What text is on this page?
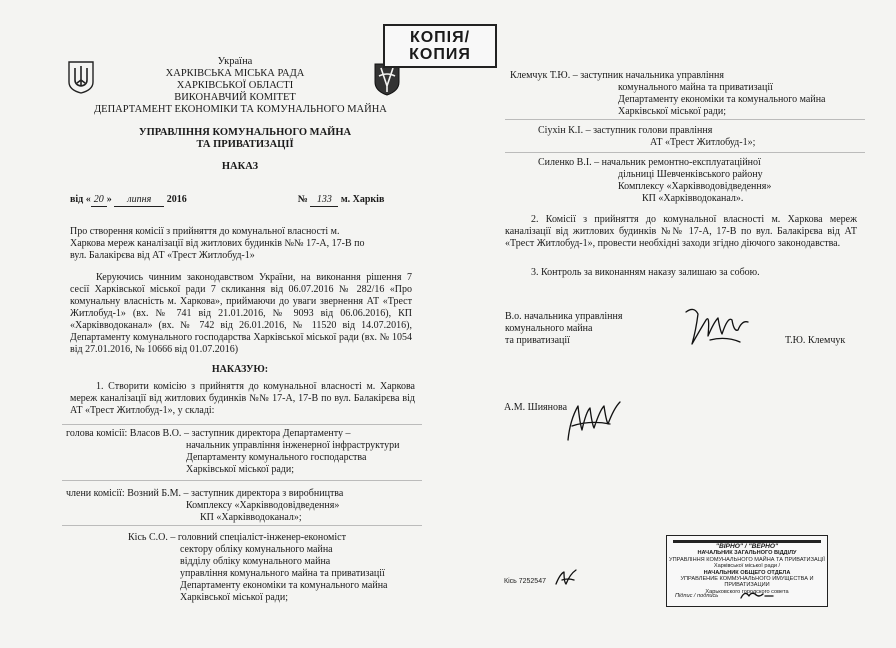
КОПІЯ/
КОПИЯ
Україна
ХАРКІВСЬКА МІСЬКА РАДА
ХАРКІВСЬКОЇ ОБЛАСТІ
ВИКОНАВЧИЙ КОМІТЕТ
ДЕПАРТАМЕНТ ЕКОНОМІКИ ТА КОМУНАЛЬНОГО МАЙНА
УПРАВЛІННЯ КОМУНАЛЬНОГО МАЙНА
ТА ПРИВАТИЗАЦІЇ
НАКАЗ
від « 20 » липня 2016	№ 133 м. Харків
Про створення комісії з прийняття до комунальної власності м. Харкова мереж каналізації від житлових будинків №№ 17-А, 17-В по вул. Балакірєва від АТ «Трест Житлобуд-1»
Керуючись чинним законодавством України, на виконання рішення 7 сесії Харківської міської ради 7 скликання від 06.07.2016 № 282/16 «Про комунальну власність м. Харкова», приймаючи до уваги звернення АТ «Трест Житлобуд-1» (вх. № 741 від 21.01.2016, № 9093 від 06.06.2016), КП «Харківводоканал» (вх. № 742 від 26.01.2016, № 11520 від 14.07.2016), Департаменту комунального господарства Харківської міської ради (вх. № 1054 від 27.01.2016, № 10666 від 01.07.2016)
НАКАЗУЮ:
1. Створити комісію з прийняття до комунальної власності м. Харкова мереж каналізації від житлових будинків №№ 17-А, 17-В по вул. Балакірєва від АТ «Трест Житлобуд-1», у складі:
голова комісії: Власов В.О. – заступник директора Департаменту –
начальник управління інженерної інфраструктури
Департаменту комунального господарства
Харківської міської ради;
члени комісії: Возний Б.М. – заступник директора з виробництва
Комплексу «Харківводовідведення»
КП «Харківводоканал»;
Кісь С.О. – головний спеціаліст-інженер-економіст
сектору обліку комунального майна
відділу обліку комунального майна
управління комунального майна та приватизації
Департаменту економіки та комунального майна
Харківської міської ради;
Клемчук Т.Ю. – заступник начальника управління
комунального майна та приватизації
Департаменту економіки та комунального майна
Харківської міської ради;
Сіухін К.І. – заступник голови правління
АТ «Трест Житлобуд-1»;
Силенко В.І. – начальник ремонтно-експлуатаційної
дільниці Шевченківського району
Комплексу «Харківводовідведення»
КП «Харківводоканал».
2. Комісії з прийняття до комунальної власності м. Харкова мереж каналізації від житлових будинків №№ 17-А, 17-В по вул. Балакірєва від АТ «Трест Житлобуд-1», провести необхідні заходи згідно діючого законодавства.
3. Контроль за виконанням наказу залишаю за собою.
В.о. начальника управління
комунального майна
та приватизації	Т.Ю. Клемчук
А.М. Шиянова
Кісь 7252547
"ВІРНО" / "ВЕРНО"
НАЧАЛЬНИК ЗАГАЛЬНОГО ВІДДІЛУ
УПРАВЛІННЯ КОМУНАЛЬНОГО МАЙНА ТА ПРИВАТИЗАЦІЇ
Харківської міської ради /
НАЧАЛЬНИК ОБЩЕГО ОТДЕЛА
УПРАВЛЕНИЕ КОММУНАЛЬНОГО ИМУЩЕСТВА И ПРИВАТИЗАЦИИ
Харьковского городского совета
Підпис / подпись
